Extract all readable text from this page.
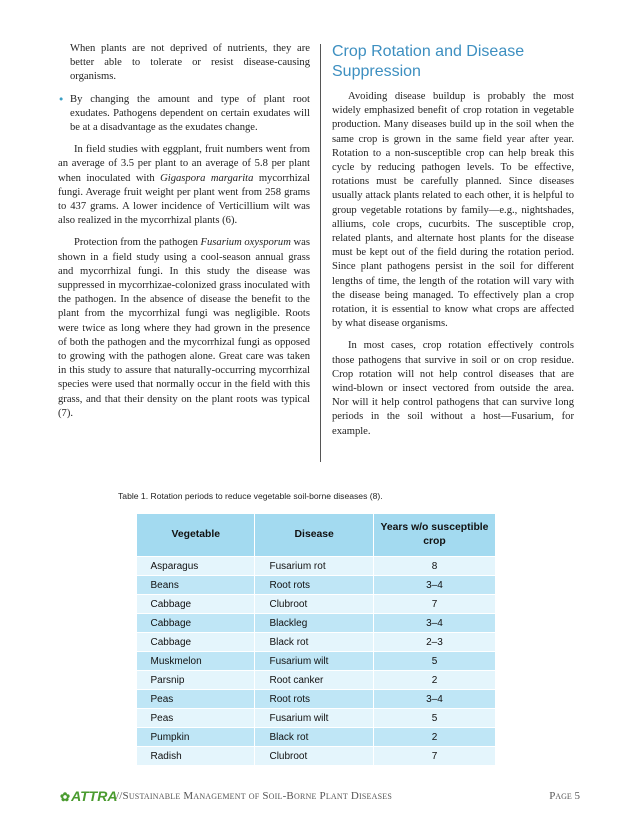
When plants are not deprived of nutrients, they are better able to tolerate or resist disease-causing organisms.

• By changing the amount and type of plant root exudates. Pathogens dependent on certain exudates will be at a disadvantage as the exudates change.

In field studies with eggplant, fruit numbers went from an average of 3.5 per plant to an average of 5.8 per plant when inoculated with Gigaspora margarita mycorrhizal fungi. Average fruit weight per plant went from 258 grams to 437 grams. A lower incidence of Verticillium wilt was also realized in the mycorrhizal plants (6).

Protection from the pathogen Fusarium oxysporum was shown in a field study using a cool-season annual grass and mycorrhizal fungi. In this study the disease was suppressed in mycorrhizae-colonized grass inoculated with the pathogen. In the absence of disease the benefit to the plant from the mycorrhizal fungi was negligible. Roots were twice as long where they had grown in the presence of both the pathogen and the mycorrhizal fungi as opposed to growing with the pathogen alone. Great care was taken in this study to assure that naturally-occurring mycorrhizal species were used that normally occur in the field with this grass, and that their density on the plant roots was typical (7).

Crop Rotation and Disease Suppression

Avoiding disease buildup is probably the most widely emphasized benefit of crop rotation in vegetable production. Many diseases build up in the soil when the same crop is grown in the same field year after year. Rotation to a non-susceptible crop can help break this cycle by reducing pathogen levels. To be effective, rotations must be carefully planned. Since diseases usually attack plants related to each other, it is helpful to group vegetable rotations by family—e.g., nightshades, alliums, cole crops, cucurbits. The susceptible crop, related plants, and alternate host plants for the disease must be kept out of the field during the rotation period. Since plant pathogens persist in the soil for different lengths of time, the length of the rotation will vary with the disease being managed. To effectively plan a crop rotation, it is essential to know what crops are affected by what disease organisms.

In most cases, crop rotation effectively controls those pathogens that survive in soil or on crop residue. Crop rotation will not help control diseases that are wind-blown or insect vectored from outside the area. Nor will it help control pathogens that can survive long periods in the soil without a host—Fusarium, for example.

Table 1. Rotation periods to reduce vegetable soil-borne diseases (8).
Vegetable	Disease	Years w/o susceptible crop
Asparagus	Fusarium rot	8
Beans	Root rots	3–4
Cabbage	Clubroot	7
Cabbage	Blackleg	3–4
Cabbage	Black rot	2–3
Muskmelon	Fusarium wilt	5
Parsnip	Root canker	2
Peas	Root rots	3–4
Peas	Fusarium wilt	5
Pumpkin	Black rot	2
Radish	Clubroot	7
✿ATTRA
//Sustainable Management of Soil-Borne Plant Diseases	Page 5
